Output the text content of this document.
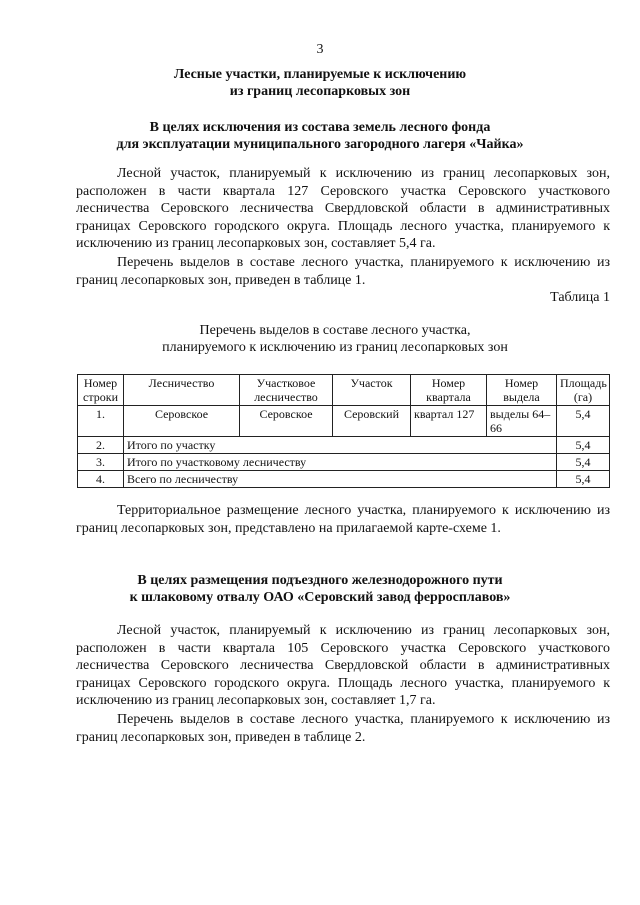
3
Лесные участки, планируемые к исключению
из границ лесопарковых зон
В целях исключения из состава земель лесного фонда
для эксплуатации муниципального загородного лагеря «Чайка»

Лесной участок, планируемый к исключению из границ лесопарковых зон, расположен в части квартала 127 Серовского участка Серовского участкового лесничества Серовского лесничества Свердловской области в административных границах Серовского городского округа. Площадь лесного участка, планируемого к исключению из границ лесопарковых зон, составляет 5,4 га.

Перечень выделов в составе лесного участка, планируемого к исключению из границ лесопарковых зон, приведен в таблице 1.

Таблица 1
Перечень выделов в составе лесного участка,
планируемого к исключению из границ лесопарковых зон
Номер строки	Лесничество	Участковое лесничество	Участок	Номер квартала	Номер выдела	Площадь (га)
1.	Серовское	Серовское	Серовский	квартал 127	выделы 64–66	5,4
2.	Итого по участку					5,4
3.	Итого по участковому лесничеству					5,4
4.	Всего по лесничеству					5,4

Территориальное размещение лесного участка, планируемого к исключению из границ лесопарковых зон, представлено на прилагаемой карте-схеме 1.

В целях размещения подъездного железнодорожного пути
к шлаковому отвалу ОАО «Серовский завод ферросплавов»

Лесной участок, планируемый к исключению из границ лесопарковых зон, расположен в части квартала 105 Серовского участка Серовского участкового лесничества Серовского лесничества Свердловской области в административных границах Серовского городского округа. Площадь лесного участка, планируемого к исключению из границ лесопарковых зон, составляет 1,7 га.

Перечень выделов в составе лесного участка, планируемого к исключению из границ лесопарковых зон, приведен в таблице 2.
